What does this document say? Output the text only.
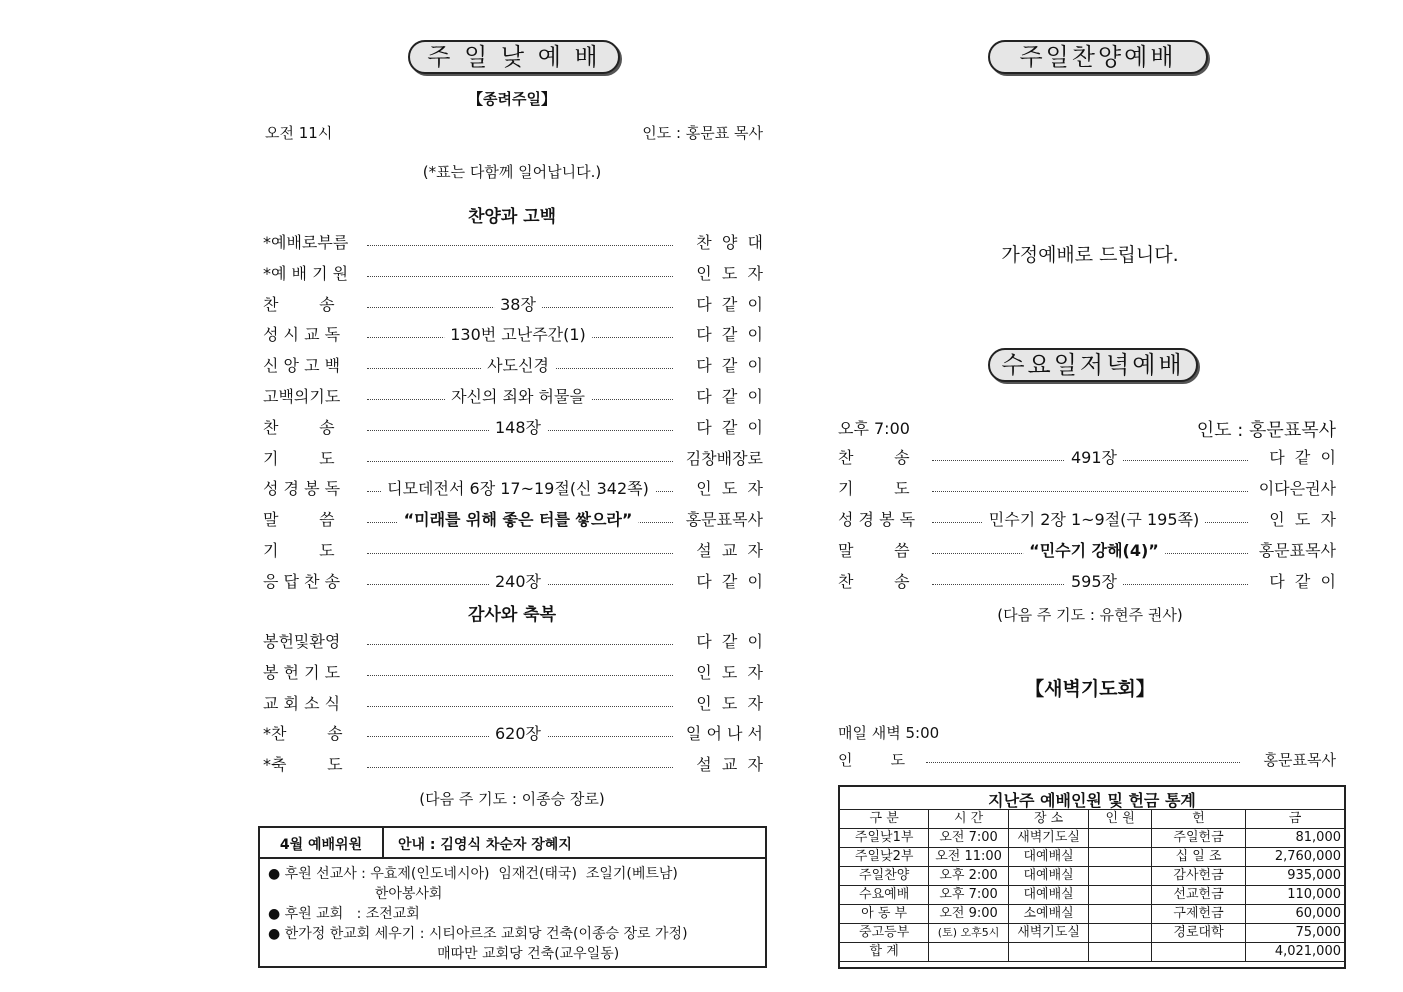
주 일 낮 예 배
【종려주일】
오전 11시	인도 : 홍문표 목사
(*표는 다함께 일어납니다.)
찬양과 고백
*예배로부름	찬  양  대
*예 배 기 원	인  도  자
찬        송	38장	다  같  이
성 시 교 독	130번 고난주간(1)	다  같  이
신 앙 고 백	사도신경	다  같  이
고백의기도	자신의 죄와 허물을	다  같  이
찬        송	148장	다  같  이
기        도	김창배장로
성 경 봉 독	디모데전서 6장 17~19절(신 342쪽)	인  도  자
말        씀	“미래를 위해 좋은 터를 쌓으라”	홍문표목사
기        도	설  교  자
응 답 찬 송	240장	다  같  이
감사와 축복
봉헌및환영	다  같  이
봉 헌 기 도	인  도  자
교 회 소 식	인  도  자
*찬        송	620장	일 어 나 서
*축        도	설  교  자
(다음 주 기도 : 이종승 장로)
4월 예배위원	안내 : 김영식 차순자 장혜지
● 후원 선교사 : 우효제(인도네시아)  임재건(태국)  조일기(베트남)
한아봉사회
● 후원 교회   : 조전교회
● 한가정 한교회 세우기 : 시티아르조 교회당 건축(이종승 장로 가정)
매따만 교회당 건축(교우일동)
주일찬양예배
가정예배로 드립니다.
수요일저녁예배
오후 7:00	인도 : 홍문표목사
찬        송	491장	다  같  이
기        도	이다은권사
성 경 봉 독	민수기 2장 1~9절(구 195쪽)	인  도  자
말        씀	“민수기 강해(4)”	홍문표목사
찬        송	595장	다  같  이
(다음 주 기도 : 유현주 권사)
【새벽기도회】
매일 새벽 5:00
인        도	홍문표목사
지난주 예배인원 및 헌금 통계
구 분	시 간	장 소	인 원	헌	금
주일낮1부	오전 7:00	새벽기도실		주일헌금	81,000
주일낮2부	오전 11:00	대예배실		십 일 조	2,760,000
주일찬양	오후 2:00	대예배실		감사헌금	935,000
수요예배	오후 7:00	대예배실		선교헌금	110,000
아 동 부	오전 9:00	소예배실		구제헌금	60,000
중고등부	(토) 오후5시	새벽기도실		경로대학	75,000
합 계					4,021,000
